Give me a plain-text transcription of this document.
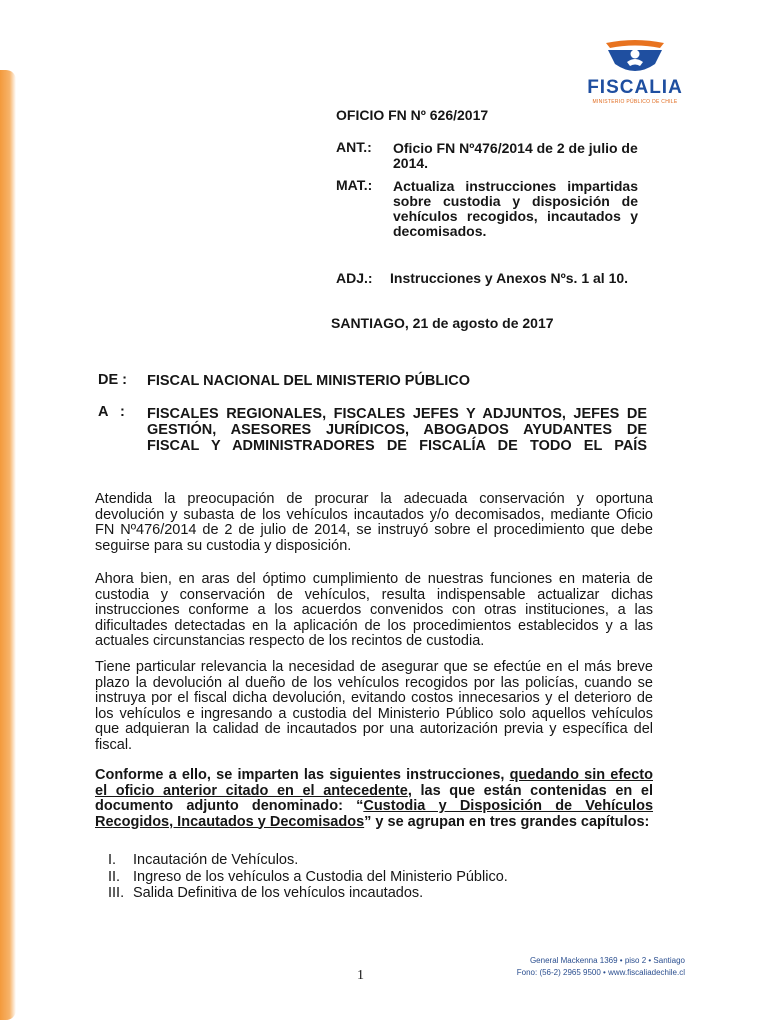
FISCALIA
MINISTERIO PÚBLICO DE CHILE
OFICIO FN Nº 626/2017
ANT.: Oficio FN Nº476/2014 de 2 de julio de 2014.
MAT.: Actualiza instrucciones impartidas sobre custodia y disposición de vehículos recogidos, incautados y decomisados.
ADJ.: Instrucciones y Anexos Nºs. 1 al 10.
SANTIAGO, 21 de agosto de 2017
DE : FISCAL NACIONAL DEL MINISTERIO PÚBLICO
A   : FISCALES REGIONALES, FISCALES JEFES Y ADJUNTOS, JEFES DE GESTIÓN, ASESORES JURÍDICOS, ABOGADOS AYUDANTES DE FISCAL Y ADMINISTRADORES DE FISCALÍA DE TODO EL PAÍS
Atendida la preocupación de procurar la adecuada conservación y oportuna devolución y subasta de los vehículos incautados y/o decomisados, mediante Oficio FN Nº476/2014 de 2 de julio de 2014, se instruyó sobre el procedimiento que debe seguirse para su custodia y disposición.
Ahora bien, en aras del óptimo cumplimiento de nuestras funciones en materia de custodia y conservación de vehículos, resulta indispensable actualizar dichas instrucciones conforme a los acuerdos convenidos con otras instituciones, a las dificultades detectadas en la aplicación de los procedimientos establecidos y a las actuales circunstancias respecto de los recintos de custodia.
Tiene particular relevancia la necesidad de asegurar que se efectúe en el más breve plazo la devolución al dueño de los vehículos recogidos por las policías, cuando se instruya por el fiscal dicha devolución, evitando costos innecesarios y el deterioro de los vehículos e ingresando a custodia del Ministerio Público solo aquellos vehículos que adquieran la calidad de incautados por una autorización previa y específica del fiscal.
Conforme a ello, se imparten las siguientes instrucciones, quedando sin efecto el oficio anterior citado en el antecedente, las que están contenidas en el documento adjunto denominado: “Custodia y Disposición de Vehículos Recogidos, Incautados y Decomisados” y se agrupan en tres grandes capítulos:
I.	Incautación de Vehículos.
II. Ingreso de los vehículos a Custodia del Ministerio Público.
III. Salida Definitiva de los vehículos incautados.
1
General Mackenna 1369 • piso 2 • Santiago
Fono: (56-2) 2965 9500 • www.fiscaliadechile.cl
